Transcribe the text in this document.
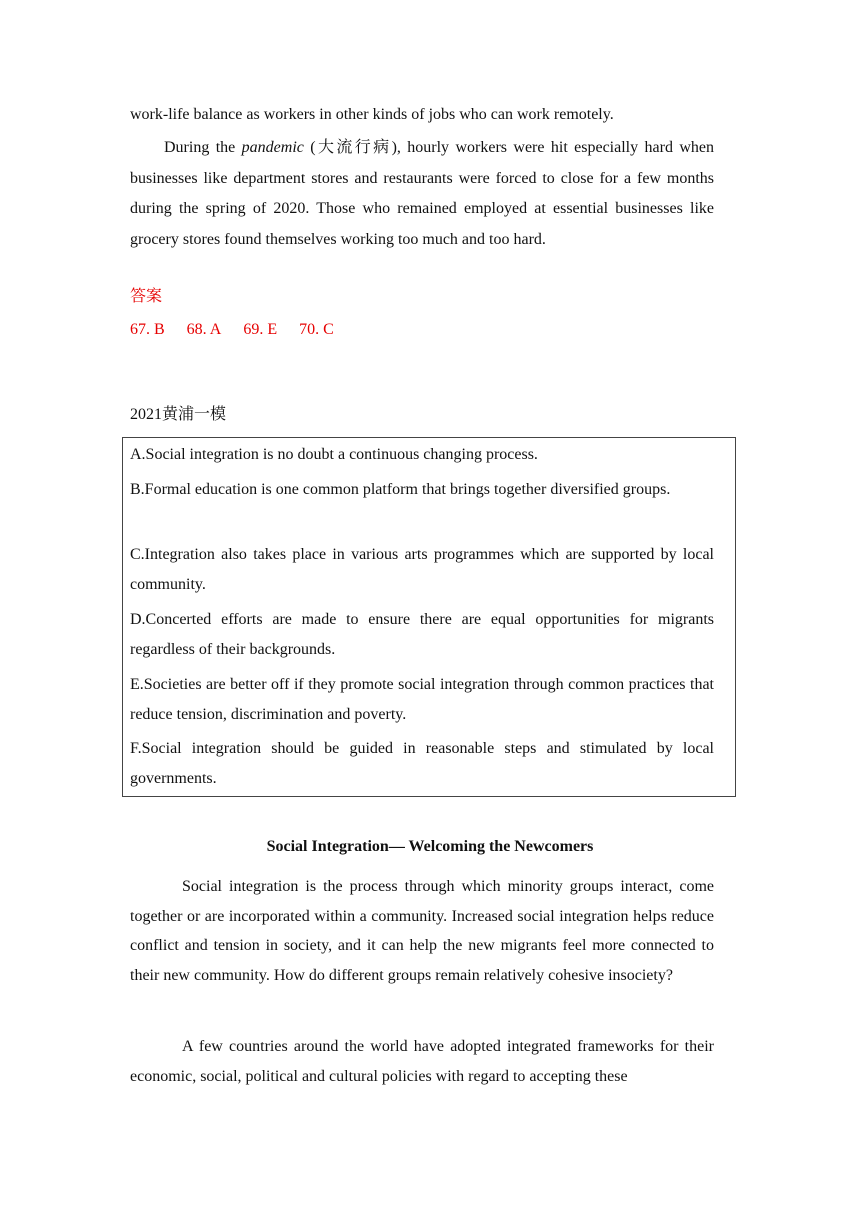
work-life balance as workers in other kinds of jobs who can work remotely.

During the pandemic (大流行病), hourly workers were hit especially hard when businesses like department stores and restaurants were forced to close for a few months during the spring of 2020. Those who remained employed at essential businesses like grocery stores found themselves working too much and too hard.

答案

67. B 68. A 69. E 70. C

2021黄浦一模

Social Integration— Welcoming the Newcomers

Social integration is the process through which minority groups interact, come together or are incorporated within a community. Increased social integration helps reduce conflict and tension in society, and it can help the new migrants feel more connected to their new community. How do different groups remain relatively cohesive insociety?

A few countries around the world have adopted integrated frameworks for their economic, social, political and cultural policies with regard to accepting these

A.Social integration is no doubt a continuous changing process.

B.Formal education is one common platform that brings together diversified groups.

C.Integration also takes place in various arts programmes which are supported by local community.

D.Concerted efforts are made to ensure there are equal opportunities for migrants regardless of their backgrounds.

E.Societies are better off if they promote social integration through common practices that reduce tension, discrimination and poverty.

F.Social integration should be guided in reasonable steps and stimulated by local governments.
